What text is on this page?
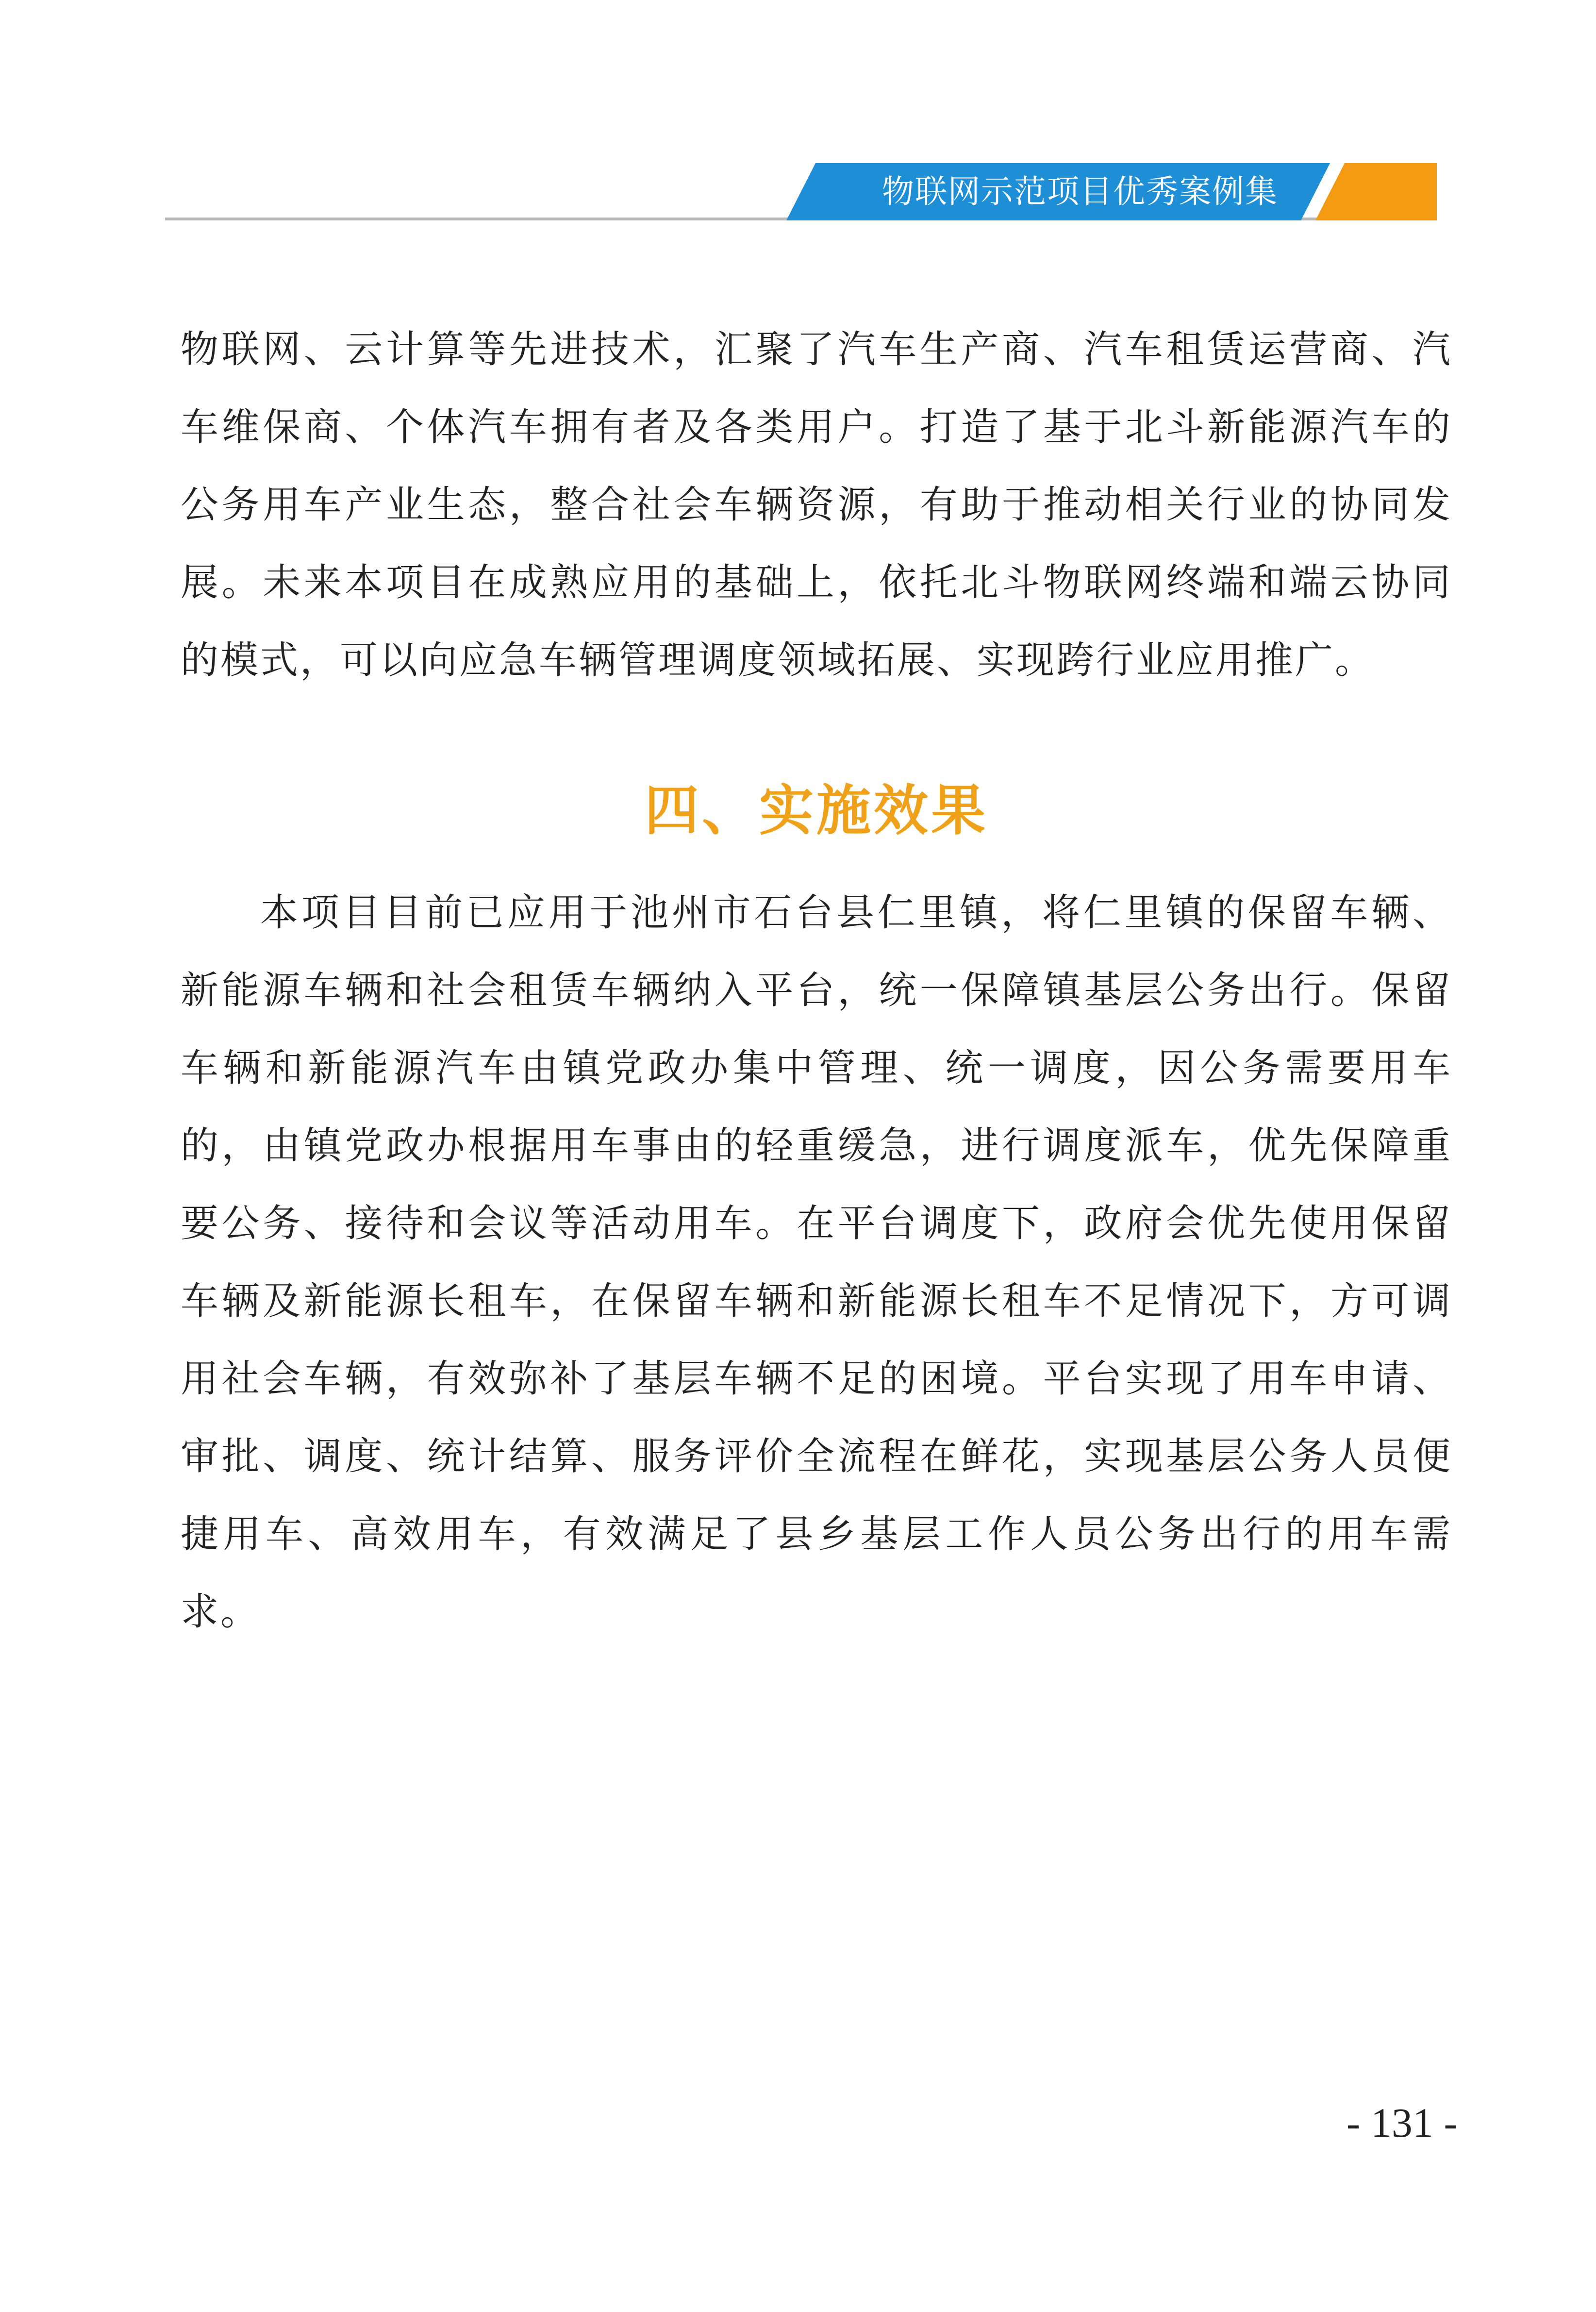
物联网示范项目优秀案例集

物联网、云计算等先进技术，汇聚了汽车生产商、汽车租赁运营商、汽车维保商、个体汽车拥有者及各类用户。打造了基于北斗新能源汽车的公务用车产业生态，整合社会车辆资源，有助于推动相关行业的协同发展。未来本项目在成熟应用的基础上，依托北斗物联网终端和端云协同的模式，可以向应急车辆管理调度领域拓展、实现跨行业应用推广。

四、实施效果

本项目目前已应用于池州市石台县仁里镇，将仁里镇的保留车辆、新能源车辆和社会租赁车辆纳入平台，统一保障镇基层公务出行。保留车辆和新能源汽车由镇党政办集中管理、统一调度，因公务需要用车的，由镇党政办根据用车事由的轻重缓急，进行调度派车，优先保障重要公务、接待和会议等活动用车。在平台调度下，政府会优先使用保留车辆及新能源长租车，在保留车辆和新能源长租车不足情况下，方可调用社会车辆，有效弥补了基层车辆不足的困境。平台实现了用车申请、审批、调度、统计结算、服务评价全流程在鲜花，实现基层公务人员便捷用车、高效用车，有效满足了县乡基层工作人员公务出行的用车需求。

- 131 -
